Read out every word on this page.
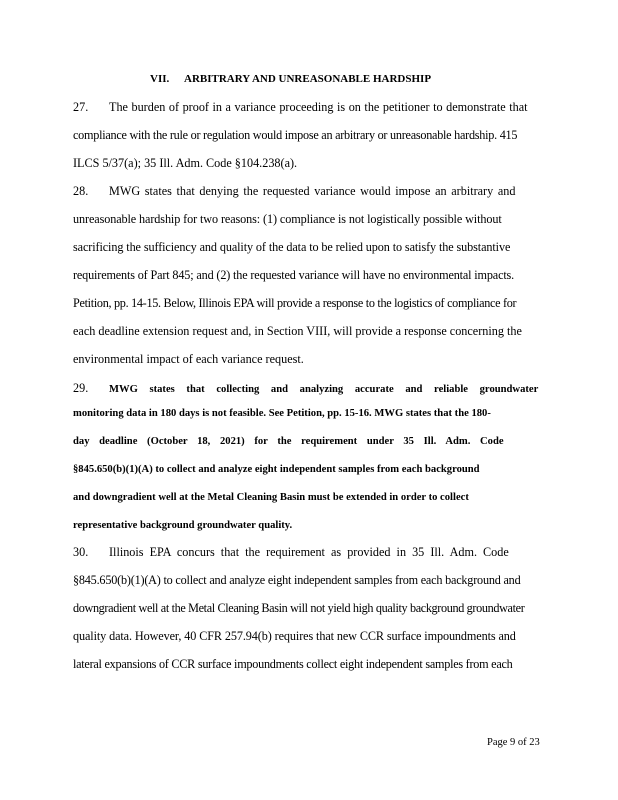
VII. ARBITRARY AND UNREASONABLE HARDSHIP
27. The burden of proof in a variance proceeding is on the petitioner to demonstrate that
compliance with the rule or regulation would impose an arbitrary or unreasonable hardship. 415
ILCS 5/37(a); 35 Ill. Adm. Code §104.238(a).
28. MWG states that denying the requested variance would impose an arbitrary and
unreasonable hardship for two reasons: (1) compliance is not logistically possible without
sacrificing the sufficiency and quality of the data to be relied upon to satisfy the substantive
requirements of Part 845; and (2) the requested variance will have no environmental impacts.
Petition, pp. 14-15. Below, Illinois EPA will provide a response to the logistics of compliance for
each deadline extension request and, in Section VIII, will provide a response concerning the
environmental impact of each variance request.
29. MWG states that collecting and analyzing accurate and reliable groundwater
monitoring data in 180 days is not feasible. See Petition, pp. 15-16. MWG states that the 180-
day deadline (October 18, 2021) for the requirement under 35 Ill. Adm. Code
§845.650(b)(1)(A) to collect and analyze eight independent samples from each background
and downgradient well at the Metal Cleaning Basin must be extended in order to collect
representative background groundwater quality.
30. Illinois EPA concurs that the requirement as provided in 35 Ill. Adm. Code
§845.650(b)(1)(A) to collect and analyze eight independent samples from each background and
downgradient well at the Metal Cleaning Basin will not yield high quality background groundwater
quality data. However, 40 CFR 257.94(b) requires that new CCR surface impoundments and
lateral expansions of CCR surface impoundments collect eight independent samples from each
Page 9 of 23
